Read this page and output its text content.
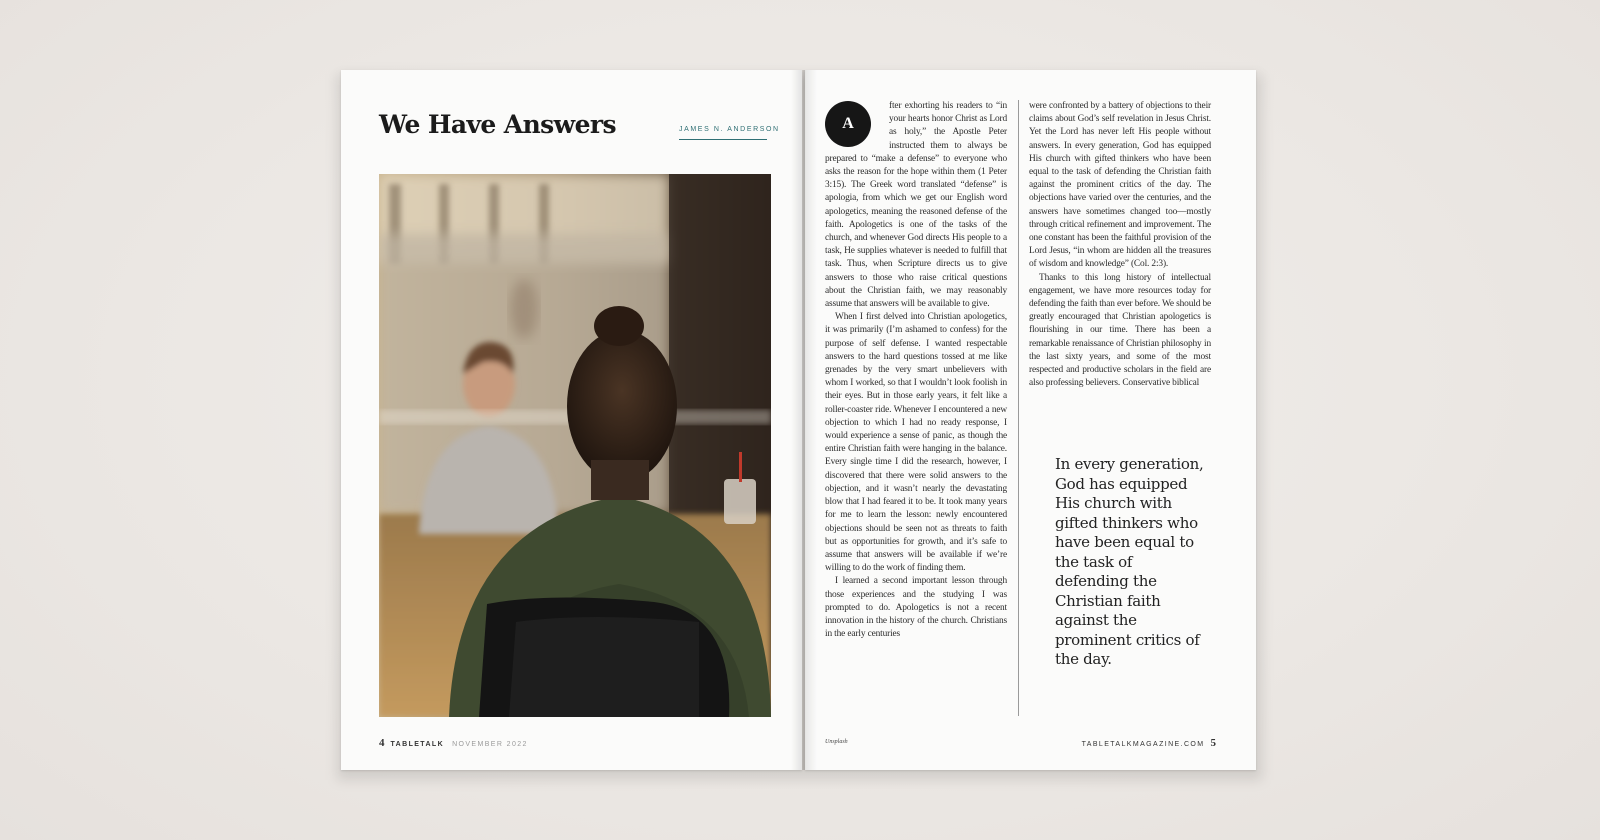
We Have Answers	JAMES N. ANDERSON
4 TABLETALK NOVEMBER 2022
A

fter exhorting his readers to “in your hearts honor Christ as Lord as holy,” the Apostle Peter instructed them to always be prepared to “make a defense” to everyone who asks the reason for the hope within them (1 Peter 3:15). The Greek word translated “defense” is apologia, from which we get our English word apologetics, meaning the reasoned defense of the faith. Apologetics is one of the tasks of the church, and whenever God directs His people to a task, He supplies whatever is needed to fulfill that task. Thus, when Scripture directs us to give answers to those who raise critical questions about the Christian faith, we may reasonably assume that answers will be available to give.

When I first delved into Christian apologetics, it was primarily (I’m ashamed to confess) for the purpose of self defense. I wanted respectable answers to the hard questions tossed at me like grenades by the very smart unbelievers with whom I worked, so that I wouldn’t look foolish in their eyes. But in those early years, it felt like a roller-coaster ride. Whenever I encountered a new objection to which I had no ready response, I would experience a sense of panic, as though the entire Christian faith were hanging in the balance. Every single time I did the research, however, I discovered that there were solid answers to the objection, and it wasn’t nearly the devastating blow that I had feared it to be. It took many years for me to learn the lesson: newly encountered objections should be seen not as threats to faith but as opportunities for growth, and it’s safe to assume that answers will be available if we’re willing to do the work of finding them.

I learned a second important lesson through those experiences and the studying I was prompted to do. Apologetics is not a recent innovation in the history of the church. Christians in the early centuries

were confronted by a battery of objections to their claims about God’s self revelation in Jesus Christ. Yet the Lord has never left His people without answers. In every generation, God has equipped His church with gifted thinkers who have been equal to the task of defending the Christian faith against the prominent critics of the day. The objections have varied over the centuries, and the answers have sometimes changed too—mostly through critical refinement and improvement. The one constant has been the faithful provision of the Lord Jesus, “in whom are hidden all the treasures of wisdom and knowledge” (Col. 2:3).

Thanks to this long history of intellectual engagement, we have more resources today for defending the faith than ever before. We should be greatly encouraged that Christian apologetics is flourishing in our time. There has been a remarkable renaissance of Christian philosophy in the last sixty years, and some of the most respected and productive scholars in the field are also professing believers. Conservative biblical

In every generation, God has equipped His church with gifted thinkers who have been equal to the task of defending the Christian faith against the prominent critics of the day.

Unsplash	TABLETALKMAGAZINE.COM 5
